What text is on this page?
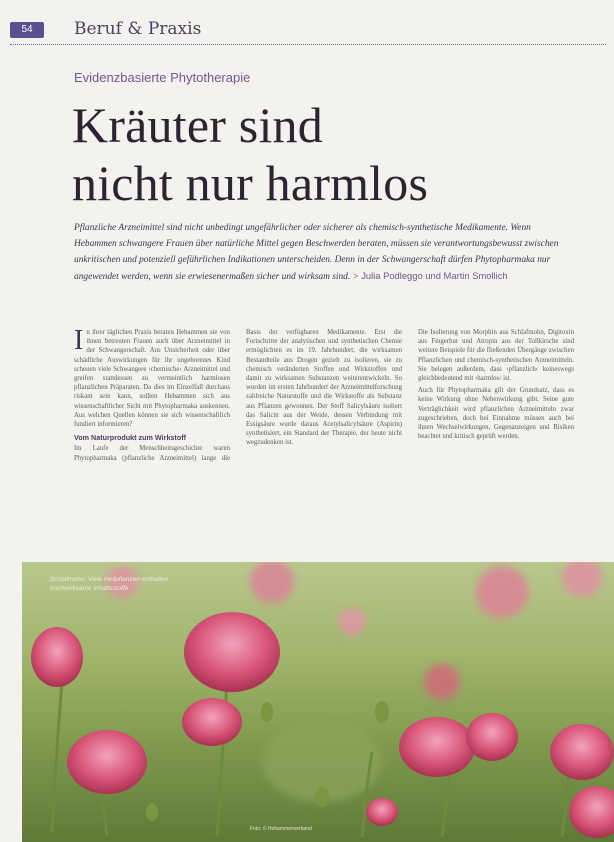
54	Beruf & Praxis
Evidenzbasierte Phytotherapie
Kräuter sind
nicht nur harmlos
Pflanzliche Arzneimittel sind nicht unbedingt ungefährlicher oder sicherer als chemisch-synthetische Medikamente. Wenn Hebammen schwangere Frauen über natürliche Mittel gegen Beschwerden beraten, müssen sie verantwortungsbewusst zwischen unkritischen und potenziell gefährlichen Indikationen unterscheiden. Denn in der Schwangerschaft dürfen Phytopharmaka nur angewendet werden, wenn sie erwiesenermaßen sicher und wirksam sind. > Julia Podleggo und Martin Smollich

In ihrer täglichen Praxis beraten Hebammen sie von ihnen betreuten Frauen auch über Arzneimittel in der Schwangerschaft. Aus Unsicherheit oder über schädliche Auswirkungen für ihr ungeborenes Kind scheuen viele Schwangere ›chemische‹ Arzneimittel und greifen stattdessen zu vermeintlich harmlosen pflanzlichen Präparaten. Da dies im Einzelfall durchaus riskant sein kann, sollten Hebammen sich aus wissenschaftlicher Sicht mit Phytopharmaka auskennen. Aus welchen Quellen können sie sich wissenschaftlich fundiert informieren?

Vom Naturprodukt zum Wirkstoff

Im Laufe der Menschheitsgeschichte waren Phytopharmaka (pflanzliche Arzneimittel) lange die Basis der verfügbaren Medikamente. Erst die Fortschritte der analytischen und synthetischen Chemie ermöglichten es im 19. Jahrhundert, die wirksamen Bestandteile aus Drogen gezielt zu isolieren, sie zu chemisch veränderten Stoffen und Wirkstoffen und damit zu wirksamen Substanzen weiterentwickeln. So wurden im ersten Jahrhundert der Arzneimittelforschung zahlreiche Naturstoffe und die Wirkstoffe als Substanz aus Pflanzen gewonnen. Der Stoff Salicylsäure isoliert das Salicin aus der Weide, dessen Verbindung mit Essigsäure wurde daraus Acetylsalicylsäure (Aspirin) synthetisiert, ein Standard der Therapie, der heute nicht wegzudenken ist.

Die Isolierung von Morphin aus Schlafmohn, Digitoxin aus Fingerhut und Atropin aus der Tollkirsche sind weitere Beispiele für die fließenden Übergänge zwischen Pflanzlichen und chemisch-synthetischen Arzneimitteln. Sie belegen außerdem, dass ›pflanzlich‹ keineswegs gleichbedeutend mit ›harmlos‹ ist.

Auch für Phytopharmaka gilt der Grundsatz, dass es keine Wirkung ohne Nebenwirkung gibt. Seine gute Verträglichkeit wird pflanzlichen Arzneimitteln zwar zugeschrieben, doch bei Einnahme müssen auch bei ihnen Wechselwirkungen, Gegenanzeigen und Risiken beachtet und kritisch geprüft werden.

Schlafmohn: Viele Heilpflanzen enthalten hochwirksame Inhaltsstoffe
Foto: © Hebammenverband
